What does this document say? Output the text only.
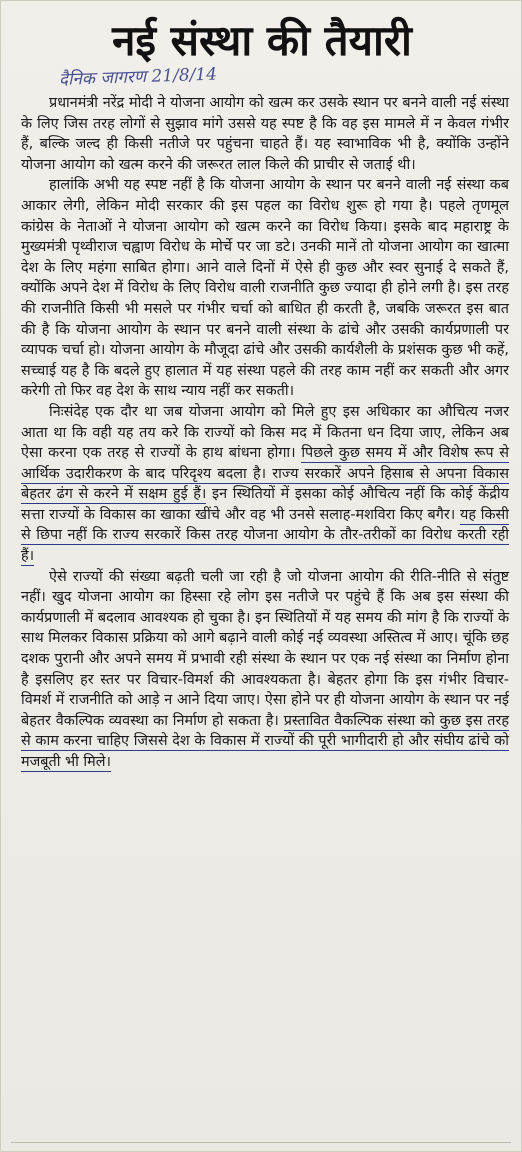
नई संस्था की तैयारी
दैनिक जागरण 21/8/14

प्रधानमंत्री नरेंद्र मोदी ने योजना आयोग को खत्म कर उसके स्थान पर बनने वाली नई संस्था के लिए जिस तरह लोगों से सुझाव मांगे उससे यह स्पष्ट है कि वह इस मामले में न केवल गंभीर हैं, बल्कि जल्द ही किसी नतीजे पर पहुंचना चाहते हैं। यह स्वाभाविक भी है, क्योंकि उन्होंने योजना आयोग को खत्म करने की जरूरत लाल किले की प्राचीर से जताई थी।

हालांकि अभी यह स्पष्ट नहीं है कि योजना आयोग के स्थान पर बनने वाली नई संस्था कब आकार लेगी, लेकिन मोदी सरकार की इस पहल का विरोध शुरू हो गया है। पहले तृणमूल कांग्रेस के नेताओं ने योजना आयोग को खत्म करने का विरोध किया। इसके बाद महाराष्ट्र के मुख्यमंत्री पृथ्वीराज चह्वाण विरोध के मोर्चे पर जा डटे। उनकी मानें तो योजना आयोग का खात्मा देश के लिए महंगा साबित होगा। आने वाले दिनों में ऐसे ही कुछ और स्वर सुनाई दे सकते हैं, क्योंकि अपने देश में विरोध के लिए विरोध वाली राजनीति कुछ ज्यादा ही होने लगी है। इस तरह की राजनीति किसी भी मसले पर गंभीर चर्चा को बाधित ही करती है, जबकि जरूरत इस बात की है कि योजना आयोग के स्थान पर बनने वाली संस्था के ढांचे और उसकी कार्यप्रणाली पर व्यापक चर्चा हो। योजना आयोग के मौजूदा ढांचे और उसकी कार्यशैली के प्रशंसक कुछ भी कहें, सच्चाई यह है कि बदले हुए हालात में यह संस्था पहले की तरह काम नहीं कर सकती और अगर करेगी तो फिर वह देश के साथ न्याय नहीं कर सकती।

निःसंदेह एक दौर था जब योजना आयोग को मिले हुए इस अधिकार का औचित्य नजर आता था कि वही यह तय करे कि राज्यों को किस मद में कितना धन दिया जाए, लेकिन अब ऐसा करना एक तरह से राज्यों के हाथ बांधना होगा। पिछले कुछ समय में और विशेष रूप से आर्थिक उदारीकरण के बाद परिदृश्य बदला है। राज्य सरकारें अपने हिसाब से अपना विकास बेहतर ढंग से करने में सक्षम हुई हैं। इन स्थितियों में इसका कोई औचित्य नहीं कि कोई केंद्रीय सत्ता राज्यों के विकास का खाका खींचे और वह भी उनसे सलाह-मशविरा किए बगैर। यह किसी से छिपा नहीं कि राज्य सरकारें किस तरह योजना आयोग के तौर-तरीकों का विरोध करती रही हैं।

ऐसे राज्यों की संख्या बढ़ती चली जा रही है जो योजना आयोग की रीति-नीति से संतुष्ट नहीं। खुद योजना आयोग का हिस्सा रहे लोग इस नतीजे पर पहुंचे हैं कि अब इस संस्था की कार्यप्रणाली में बदलाव आवश्यक हो चुका है। इन स्थितियों में यह समय की मांग है कि राज्यों के साथ मिलकर विकास प्रक्रिया को आगे बढ़ाने वाली कोई नई व्यवस्था अस्तित्व में आए। चूंकि छह दशक पुरानी और अपने समय में प्रभावी रही संस्था के स्थान पर एक नई संस्था का निर्माण होना है इसलिए हर स्तर पर विचार-विमर्श की आवश्यकता है। बेहतर होगा कि इस गंभीर विचार-विमर्श में राजनीति को आड़े न आने दिया जाए। ऐसा होने पर ही योजना आयोग के स्थान पर नई बेहतर वैकल्पिक व्यवस्था का निर्माण हो सकता है। प्रस्तावित वैकल्पिक संस्था को कुछ इस तरह से काम करना चाहिए जिससे देश के विकास में राज्यों की पूरी भागीदारी हो और संघीय ढांचे को मजबूती भी मिले।
